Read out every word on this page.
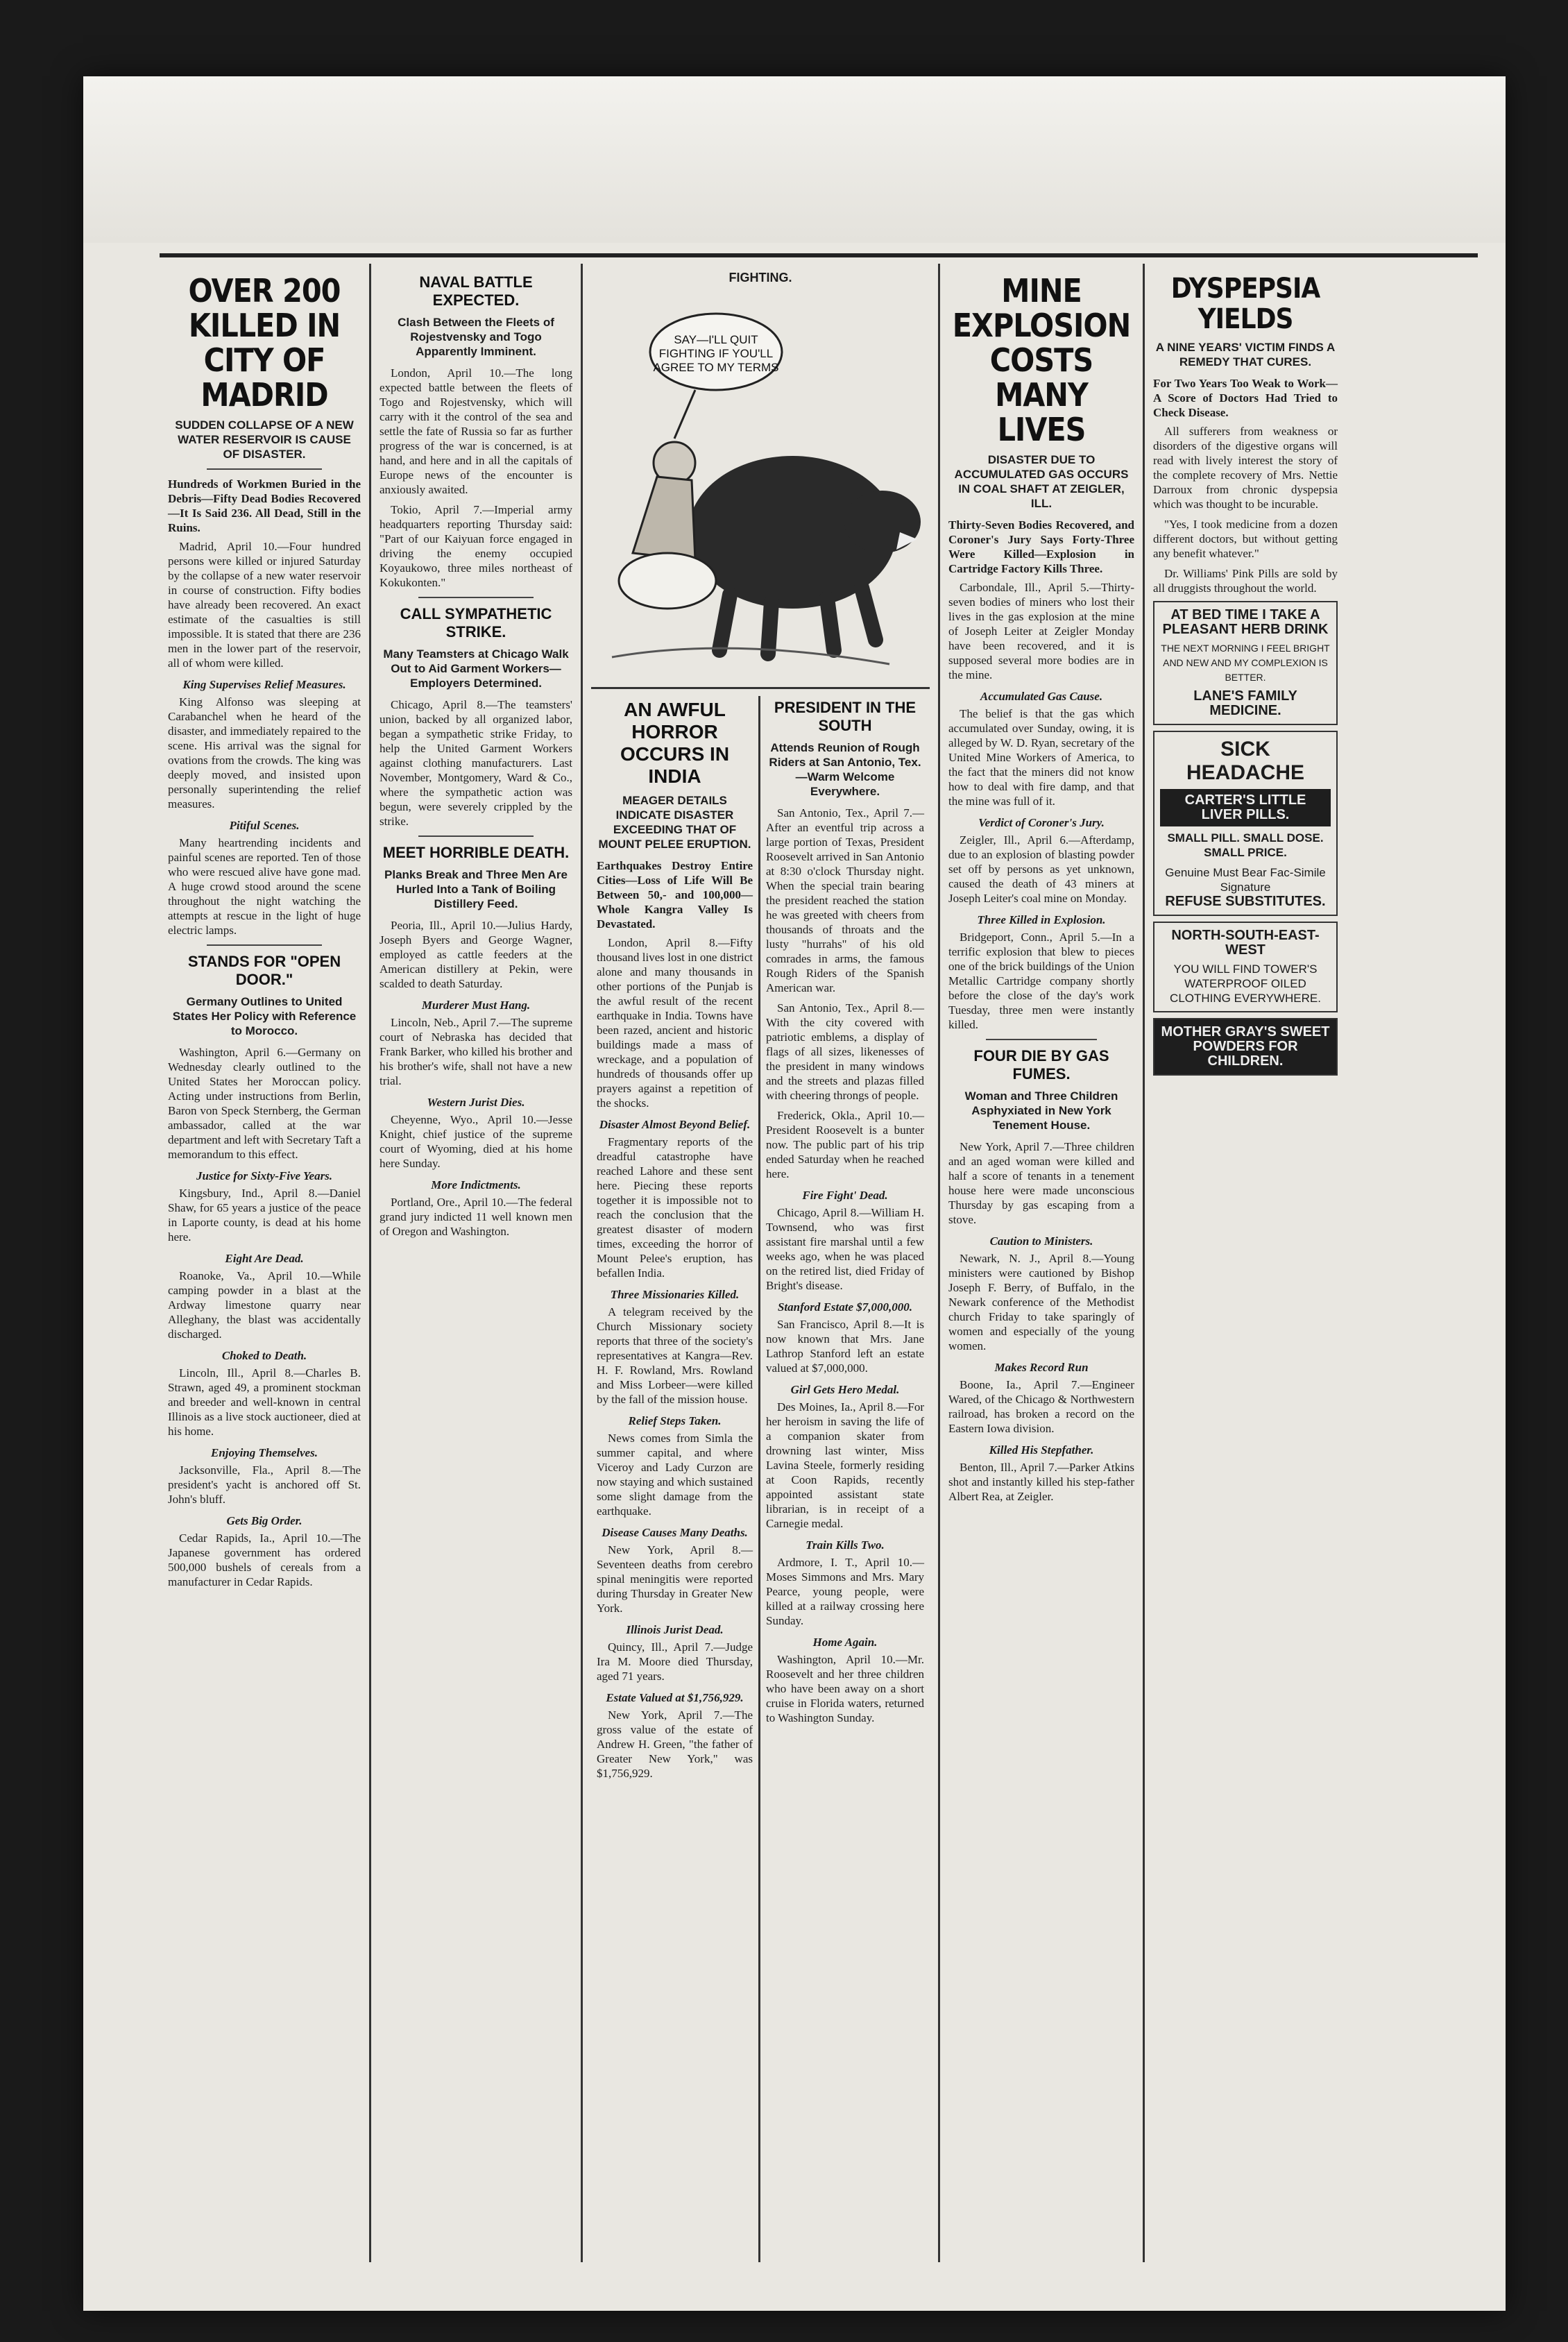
OVER 200 KILLED IN CITY OF MADRID
SUDDEN COLLAPSE OF A NEW WATER RESERVOIR IS CAUSE OF DISASTER.
Hundreds of Workmen Buried in the Debris—Fifty Dead Bodies Recovered—It Is Said 236. All Dead, Still in the Ruins.

Madrid, April 10.—Four hundred persons were killed or injured Saturday by the collapse of a new water reservoir in course of construction. Fifty bodies have already been recovered. An exact estimate of the casualties is still impossible. It is stated that there are 236 men in the lower part of the reservoir, all of whom were killed.

King Supervises Relief Measures.

King Alfonso was sleeping at Carabanchel when he heard of the disaster, and immediately repaired to the scene. His arrival was the signal for ovations from the crowds. The king was deeply moved, and insisted upon personally superintending the relief measures.

Pitiful Scenes.

Many heartrending incidents and painful scenes are reported. Ten of those who were rescued alive have gone mad. A huge crowd stood around the scene throughout the night watching the attempts at rescue in the light of huge electric lamps.

STANDS FOR "OPEN DOOR."
Germany Outlines to United States Her Policy with Reference to Morocco.

Washington, April 6.—Germany on Wednesday clearly outlined to the United States her Moroccan policy. Acting under instructions from Berlin, Baron von Speck Sternberg, the German ambassador, called at the war department and left with Secretary Taft a memorandum to this effect.

Justice for Sixty-Five Years.

Kingsbury, Ind., April 8.—Daniel Shaw, for 65 years a justice of the peace in Laporte county, is dead at his home here.

Eight Are Dead.

Roanoke, Va., April 10.—While camping powder in a blast at the Ardway limestone quarry near Alleghany, the blast was accidentally discharged.

Choked to Death.

Lincoln, Ill., April 8.—Charles B. Strawn, aged 49, a prominent stockman and breeder and well-known in central Illinois as a live stock auctioneer, died at his home.

Enjoying Themselves.

Jacksonville, Fla., April 8.—The president's yacht is anchored off St. John's bluff.

Gets Big Order.

Cedar Rapids, Ia., April 10.—The Japanese government has ordered 500,000 bushels of cereals from a manufacturer in Cedar Rapids.

NAVAL BATTLE EXPECTED.
Clash Between the Fleets of Rojestvensky and Togo Apparently Imminent.

London, April 10.—The long expected battle between the fleets of Togo and Rojestvensky, which will carry with it the control of the sea and settle the fate of Russia so far as further progress of the war is concerned, is at hand, and here and in all the capitals of Europe news of the encounter is anxiously awaited.

Tokio, April 7.—Imperial army headquarters reporting Thursday said: "Part of our Kaiyuan force engaged in driving the enemy occupied Koyaukowo, three miles northeast of Kokukonten."

CALL SYMPATHETIC STRIKE.
Many Teamsters at Chicago Walk Out to Aid Garment Workers—Employers Determined.

Chicago, April 8.—The teamsters' union, backed by all organized labor, began a sympathetic strike Friday, to help the United Garment Workers against clothing manufacturers. Last November, Montgomery, Ward & Co., where the sympathetic action was begun, were severely crippled by the strike.

MEET HORRIBLE DEATH.
Planks Break and Three Men Are Hurled Into a Tank of Boiling Distillery Feed.

Peoria, Ill., April 10.—Julius Hardy, Joseph Byers and George Wagner, employed as cattle feeders at the American distillery at Pekin, were scalded to death Saturday.

Murderer Must Hang.

Lincoln, Neb., April 7.—The supreme court of Nebraska has decided that Frank Barker, who killed his brother and his brother's wife, shall not have a new trial.

Western Jurist Dies.

Cheyenne, Wyo., April 10.—Jesse Knight, chief justice of the supreme court of Wyoming, died at his home here Sunday.

More Indictments.

Portland, Ore., April 10.—The federal grand jury indicted 11 well known men of Oregon and Washington.

FIGHTING.
SAY—I'LL QUIT
FIGHTING IF YOU'LL
AGREE TO MY TERMS
AN AWFUL HORROR OCCURS IN INDIA
MEAGER DETAILS INDICATE DISASTER EXCEEDING THAT OF MOUNT PELEE ERUPTION.
Earthquakes Destroy Entire Cities—Loss of Life Will Be Between 50,- and 100,000—Whole Kangra Valley Is Devastated.

London, April 8.—Fifty thousand lives lost in one district alone and many thousands in other portions of the Punjab is the awful result of the recent earthquake in India. Towns have been razed, ancient and historic buildings made a mass of wreckage, and a population of hundreds of thousands offer up prayers against a repetition of the shocks.

Disaster Almost Beyond Belief.

Fragmentary reports of the dreadful catastrophe have reached Lahore and these sent here. Piecing these reports together it is impossible not to reach the conclusion that the greatest disaster of modern times, exceeding the horror of Mount Pelee's eruption, has befallen India.

Three Missionaries Killed.

A telegram received by the Church Missionary society reports that three of the society's representatives at Kangra—Rev. H. F. Rowland, Mrs. Rowland and Miss Lorbeer—were killed by the fall of the mission house.

Relief Steps Taken.

News comes from Simla the summer capital, and where Viceroy and Lady Curzon are now staying and which sustained some slight damage from the earthquake.

Disease Causes Many Deaths.

New York, April 8.—Seventeen deaths from cerebro spinal meningitis were reported during Thursday in Greater New York.

Illinois Jurist Dead.

Quincy, Ill., April 7.—Judge Ira M. Moore died Thursday, aged 71 years.

Estate Valued at $1,756,929.

New York, April 7.—The gross value of the estate of Andrew H. Green, "the father of Greater New York," was $1,756,929.

PRESIDENT IN THE SOUTH
Attends Reunion of Rough Riders at San Antonio, Tex.—Warm Welcome Everywhere.

San Antonio, Tex., April 7.—After an eventful trip across a large portion of Texas, President Roosevelt arrived in San Antonio at 8:30 o'clock Thursday night. When the special train bearing the president reached the station he was greeted with cheers from thousands of throats and the lusty "hurrahs" of his old comrades in arms, the famous Rough Riders of the Spanish American war.

San Antonio, Tex., April 8.—With the city covered with patriotic emblems, a display of flags of all sizes, likenesses of the president in many windows and the streets and plazas filled with cheering throngs of people.

Frederick, Okla., April 10.—President Roosevelt is a bunter now. The public part of his trip ended Saturday when he reached here.

Fire Fight' Dead.

Chicago, April 8.—William H. Townsend, who was first assistant fire marshal until a few weeks ago, when he was placed on the retired list, died Friday of Bright's disease.

Stanford Estate $7,000,000.

San Francisco, April 8.—It is now known that Mrs. Jane Lathrop Stanford left an estate valued at $7,000,000.

Girl Gets Hero Medal.

Des Moines, Ia., April 8.—For her heroism in saving the life of a companion skater from drowning last winter, Miss Lavina Steele, formerly residing at Coon Rapids, recently appointed assistant state librarian, is in receipt of a Carnegie medal.

Train Kills Two.

Ardmore, I. T., April 10.—Moses Simmons and Mrs. Mary Pearce, young people, were killed at a railway crossing here Sunday.

Home Again.

Washington, April 10.—Mr. Roosevelt and her three children who have been away on a short cruise in Florida waters, returned to Washington Sunday.

MINE EXPLOSION COSTS MANY LIVES
DISASTER DUE TO ACCUMULATED GAS OCCURS IN COAL SHAFT AT ZEIGLER, ILL.
Thirty-Seven Bodies Recovered, and Coroner's Jury Says Forty-Three Were Killed—Explosion in Cartridge Factory Kills Three.

Carbondale, Ill., April 5.—Thirty-seven bodies of miners who lost their lives in the gas explosion at the mine of Joseph Leiter at Zeigler Monday have been recovered, and it is supposed several more bodies are in the mine.

Accumulated Gas Cause.

The belief is that the gas which accumulated over Sunday, owing, it is alleged by W. D. Ryan, secretary of the United Mine Workers of America, to the fact that the miners did not know how to deal with fire damp, and that the mine was full of it.

Verdict of Coroner's Jury.

Zeigler, Ill., April 6.—Afterdamp, due to an explosion of blasting powder set off by persons as yet unknown, caused the death of 43 miners at Joseph Leiter's coal mine on Monday.

Three Killed in Explosion.

Bridgeport, Conn., April 5.—In a terrific explosion that blew to pieces one of the brick buildings of the Union Metallic Cartridge company shortly before the close of the day's work Tuesday, three men were instantly killed.

FOUR DIE BY GAS FUMES.
Woman and Three Children Asphyxiated in New York Tenement House.

New York, April 7.—Three children and an aged woman were killed and half a score of tenants in a tenement house here were made unconscious Thursday by gas escaping from a stove.

Caution to Ministers.

Newark, N. J., April 8.—Young ministers were cautioned by Bishop Joseph F. Berry, of Buffalo, in the Newark conference of the Methodist church Friday to take sparingly of women and especially of the young women.

Makes Record Run

Boone, Ia., April 7.—Engineer Wared, of the Chicago & Northwestern railroad, has broken a record on the Eastern Iowa division.

Killed His Stepfather.

Benton, Ill., April 7.—Parker Atkins shot and instantly killed his step-father Albert Rea, at Zeigler.

DYSPEPSIA YIELDS
A NINE YEARS' VICTIM FINDS A REMEDY THAT CURES.
For Two Years Too Weak to Work—A Score of Doctors Had Tried to Check Disease.

All sufferers from weakness or disorders of the digestive organs will read with lively interest the story of the complete recovery of Mrs. Nettie Darroux from chronic dyspepsia which was thought to be incurable.

"Yes, I took medicine from a dozen different doctors, but without getting any benefit whatever."

Dr. Williams' Pink Pills are sold by all druggists throughout the world.

AT BED TIME I TAKE A PLEASANT HERB DRINK
THE NEXT MORNING I FEEL BRIGHT AND NEW AND MY COMPLEXION IS BETTER.
LANE'S FAMILY MEDICINE.
SICK HEADACHE
CARTER'S LITTLE LIVER PILLS.
SMALL PILL. SMALL DOSE. SMALL PRICE.
Genuine Must Bear Fac-Simile Signature
REFUSE SUBSTITUTES.
NORTH-SOUTH-EAST-WEST
YOU WILL FIND TOWER'S WATERPROOF OILED CLOTHING EVERYWHERE.
MOTHER GRAY'S SWEET POWDERS FOR CHILDREN.
